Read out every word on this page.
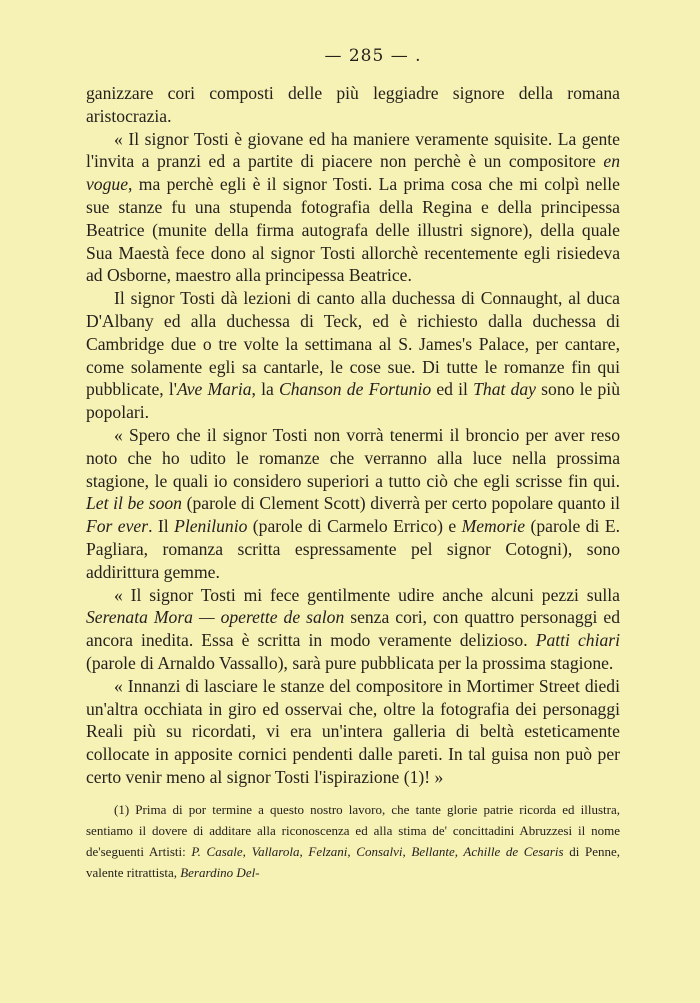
— 285 — .

ganizzare cori composti delle più leggiadre signore della romana aristocrazia.

« Il signor Tosti è giovane ed ha maniere veramente squisite. La gente l'invita a pranzi ed a partite di piacere non perchè è un compositore en vogue, ma perchè egli è il signor Tosti. La prima cosa che mi colpì nelle sue stanze fu una stupenda fotografia della Regina e della principessa Beatrice (munite della firma autografa delle illustri signore), della quale Sua Maestà fece dono al signor Tosti allorchè recentemente egli risiedeva ad Osborne, maestro alla principessa Beatrice.

Il signor Tosti dà lezioni di canto alla duchessa di Connaught, al duca D'Albany ed alla duchessa di Teck, ed è richiesto dalla duchessa di Cambridge due o tre volte la settimana al S. James's Palace, per cantare, come solamente egli sa cantarle, le cose sue. Di tutte le romanze fin qui pubblicate, l'Ave Maria, la Chanson de Fortunio ed il That day sono le più popolari.

« Spero che il signor Tosti non vorrà tenermi il broncio per aver reso noto che ho udito le romanze che verranno alla luce nella prossima stagione, le quali io considero superiori a tutto ciò che egli scrisse fin qui. Let il be soon (parole di Clement Scott) diverrà per certo popolare quanto il For ever. Il Plenilunio (parole di Carmelo Errico) e Memorie (parole di E. Pagliara, romanza scritta espressamente pel signor Cotogni), sono addirittura gemme.

« Il signor Tosti mi fece gentilmente udire anche alcuni pezzi sulla Serenata Mora — operette de salon senza cori, con quattro personaggi ed ancora inedita. Essa è scritta in modo veramente delizioso. Patti chiari (parole di Arnaldo Vassallo), sarà pure pubblicata per la prossima stagione.

« Innanzi di lasciare le stanze del compositore in Mortimer Street diedi un'altra occhiata in giro ed osservai che, oltre la fotografia dei personaggi Reali più su ricordati, vi era un'intera galleria di beltà esteticamente collocate in apposite cornici pendenti dalle pareti. In tal guisa non può per certo venir meno al signor Tosti l'ispirazione (1)! »

(1) Prima di por termine a questo nostro lavoro, che tante glorie patrie ricorda ed illustra, sentiamo il dovere di additare alla riconoscenza ed alla stima de' concittadini Abruzzesi il nome de'seguenti Artisti: P. Casale, Vallarola, Felzani, Consalvi, Bellante, Achille de Cesaris di Penne, valente ritrattista, Berardino Del-
